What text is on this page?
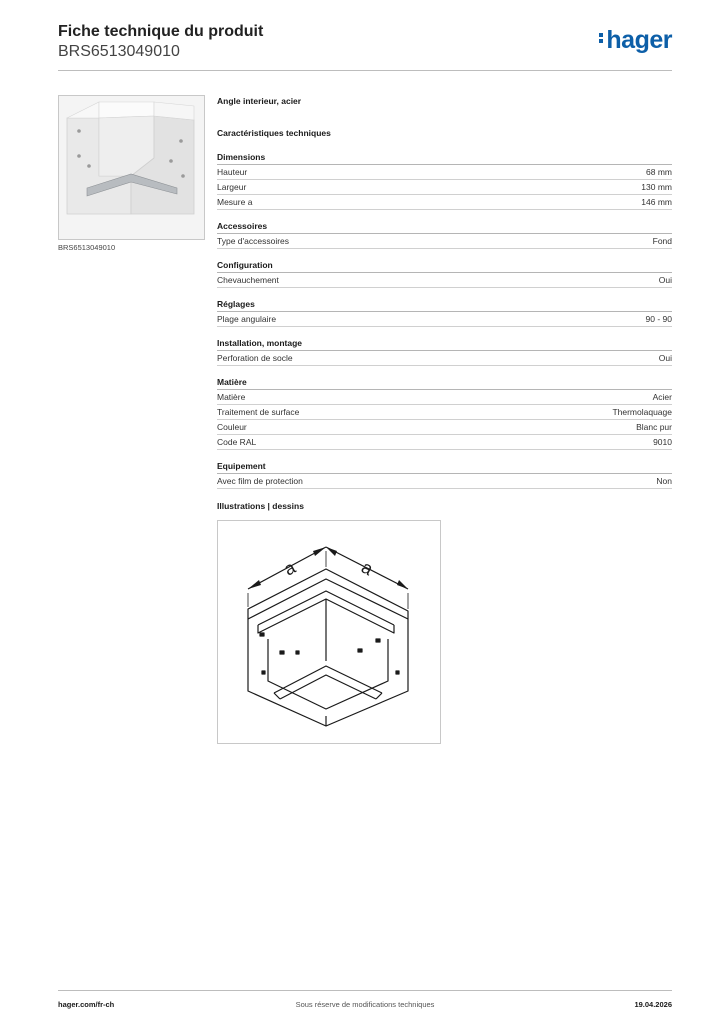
Fiche technique du produit
BRS6513049010	hager
BRS6513049010
Angle interieur, acier
Caractéristiques techniques
Dimensions
Hauteur	68 mm
Largeur	130 mm
Mesure a	146 mm
Accessoires
Type d'accessoires	Fond
Configuration
Chevauchement	Oui
Réglages
Plage angulaire	90 - 90
Installation, montage
Perforation de socle	Oui
Matière
Matière	Acier
Traitement de surface	Thermolaquage
Couleur	Blanc pur
Code RAL	9010
Equipement
Avec film de protection	Non
Illustrations | dessins
a	a
hager.com/fr-ch	Sous réserve de modifications techniques	19.04.2026
